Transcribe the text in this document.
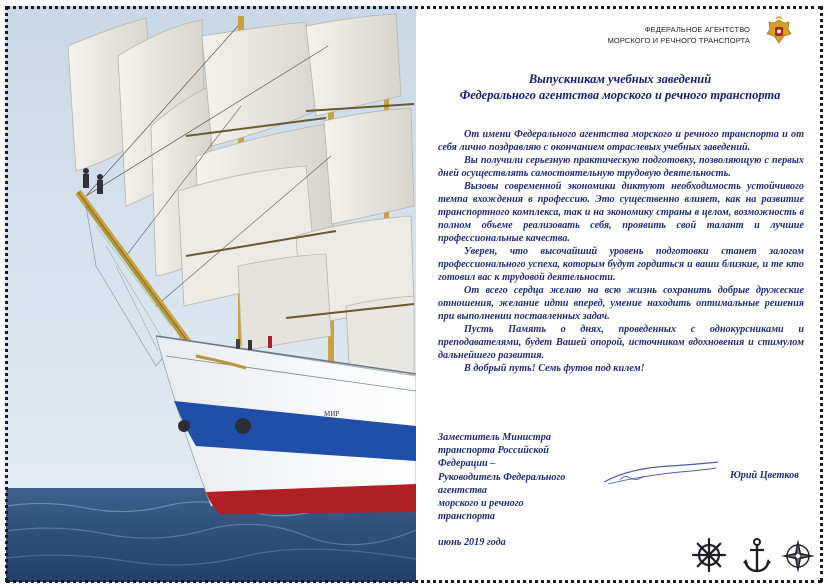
МИР
ФЕДЕРАЛЬНОЕ АГЕНТСТВО
МОРСКОГО И РЕЧНОГО ТРАНСПОРТА
Выпускникам учебных заведений
Федерального агентства морского и речного транспорта

От имени Федерального агентства морского и речного транспорта и от себя лично поздравляю с окончанием отраслевых учебных заведений.

Вы получили серьезную практическую подготовку, позволяющую с первых дней осуществлять самостоятельную трудовую деятельность.

Вызовы современной экономики диктуют необходимость устойчивого темпа вхождения в профессию. Это существенно влияет, как на развитие транспортного комплекса, так и на экономику страны в целом, возможность в полном объеме реализовать себя, проявить свой талант и лучшие профессиональные качества.

Уверен, что высочайший уровень подготовки станет залогом профессионального успеха, которым будут гордиться и ваши близкие, и те кто готовил вас к трудовой деятельности.

От всего сердца желаю на всю жизнь сохранить добрые дружеские отношения, желание идти вперед, умение находить оптимальные решения при выполнении поставленных задач.

Пусть Память о днях, проведенных с однокурсниками и преподавателями, будет Вашей опорой, источником вдохновения и стимулом дальнейшего развития.

В добрый путь! Семь футов под килем!

Заместитель Министра
транспорта Российской
Федерации –
Руководитель Федерального
агентства
морского и речного
транспорта
Юрий Цветков
июнь 2019 года
